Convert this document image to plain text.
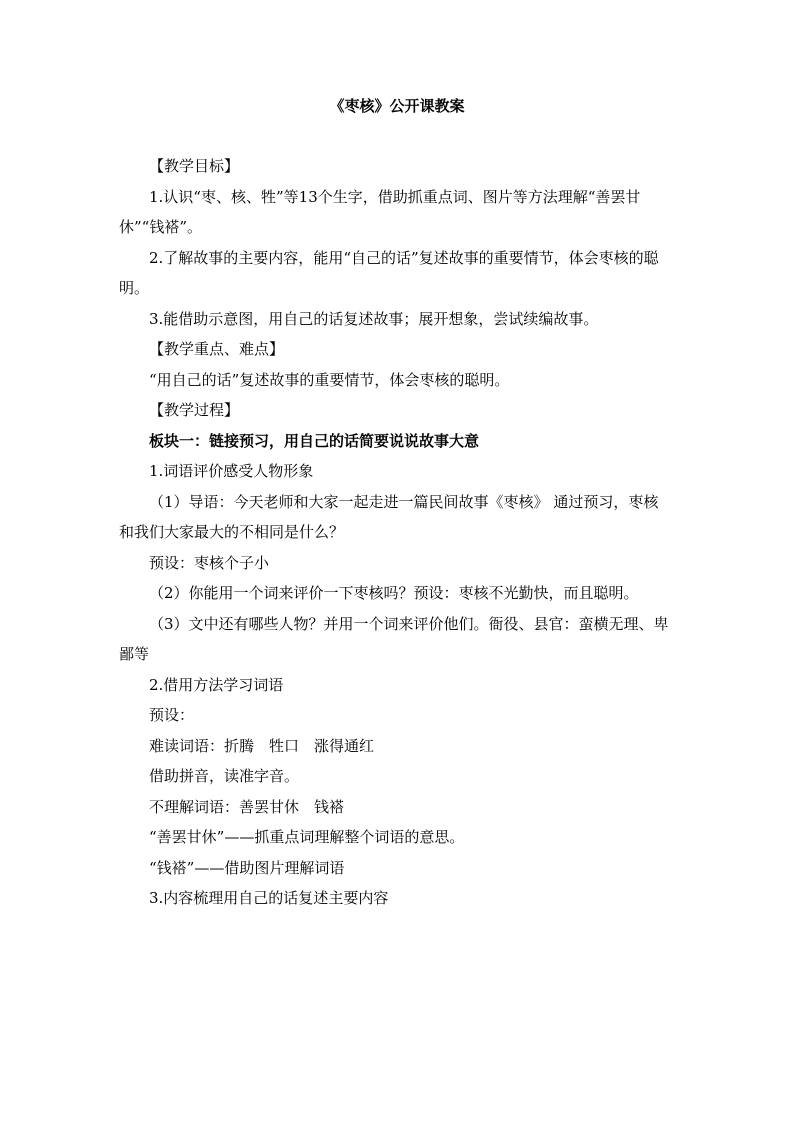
《枣核》公开课教案

【教学目标】

1.认识“枣、核、牲”等13个生字，借助抓重点词、图片等方法理解“善罢甘休”“钱褡”。

2.了解故事的主要内容，能用“自己的话”复述故事的重要情节，体会枣核的聪明。

3.能借助示意图，用自己的话复述故事；展开想象，尝试续编故事。

【教学重点、难点】

“用自己的话”复述故事的重要情节，体会枣核的聪明。

【教学过程】

板块一：链接预习，用自己的话简要说说故事大意

1.词语评价感受人物形象

（1）导语：今天老师和大家一起走进一篇民间故事《枣核》 通过预习，枣核和我们大家最大的不相同是什么？

预设：枣核个子小

（2）你能用一个词来评价一下枣核吗？预设：枣核不光勤快，而且聪明。

（3）文中还有哪些人物？并用一个词来评价他们。衙役、县官：蛮横无理、卑鄙等

2.借用方法学习词语

预设：

难读词语：折腾　牲口　涨得通红

借助拼音，读准字音。

不理解词语：善罢甘休　钱褡

“善罢甘休”——抓重点词理解整个词语的意思。

“钱褡”——借助图片理解词语

3.内容梳理用自己的话复述主要内容
